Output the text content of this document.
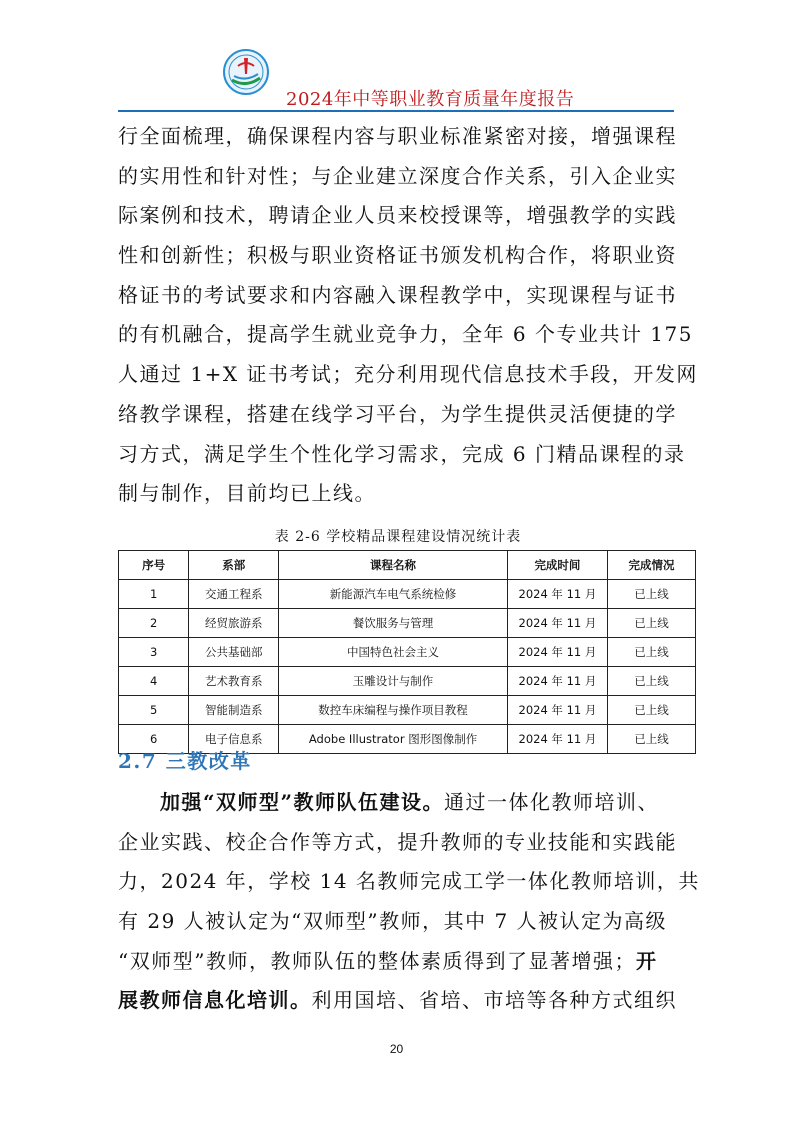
2024年中等职业教育质量年度报告
行全面梳理，确保课程内容与职业标准紧密对接，增强课程
的实用性和针对性；与企业建立深度合作关系，引入企业实
际案例和技术，聘请企业人员来校授课等，增强教学的实践
性和创新性；积极与职业资格证书颁发机构合作，将职业资
格证书的考试要求和内容融入课程教学中，实现课程与证书
的有机融合，提高学生就业竞争力，全年 6 个专业共计 175
人通过 1+X 证书考试；充分利用现代信息技术手段，开发网
络教学课程，搭建在线学习平台，为学生提供灵活便捷的学
习方式，满足学生个性化学习需求，完成 6 门精品课程的录
制与制作，目前均已上线。
表 2-6 学校精品课程建设情况统计表
序号	系部	课程名称	完成时间	完成情况
1	交通工程系	新能源汽车电气系统检修	2024 年 11 月	已上线
2	经贸旅游系	餐饮服务与管理	2024 年 11 月	已上线
3	公共基础部	中国特色社会主义	2024 年 11 月	已上线
4	艺术教育系	玉雕设计与制作	2024 年 11 月	已上线
5	智能制造系	数控车床编程与操作项目教程	2024 年 11 月	已上线
6	电子信息系	Adobe Illustrator 图形图像制作	2024 年 11 月	已上线
2.7 三教改革
加强“双师型”教师队伍建设。通过一体化教师培训、
企业实践、校企合作等方式，提升教师的专业技能和实践能
力，2024 年，学校 14 名教师完成工学一体化教师培训，共
有 29 人被认定为“双师型”教师，其中 7 人被认定为高级
“双师型”教师，教师队伍的整体素质得到了显著增强；开
展教师信息化培训。利用国培、省培、市培等各种方式组织
20
